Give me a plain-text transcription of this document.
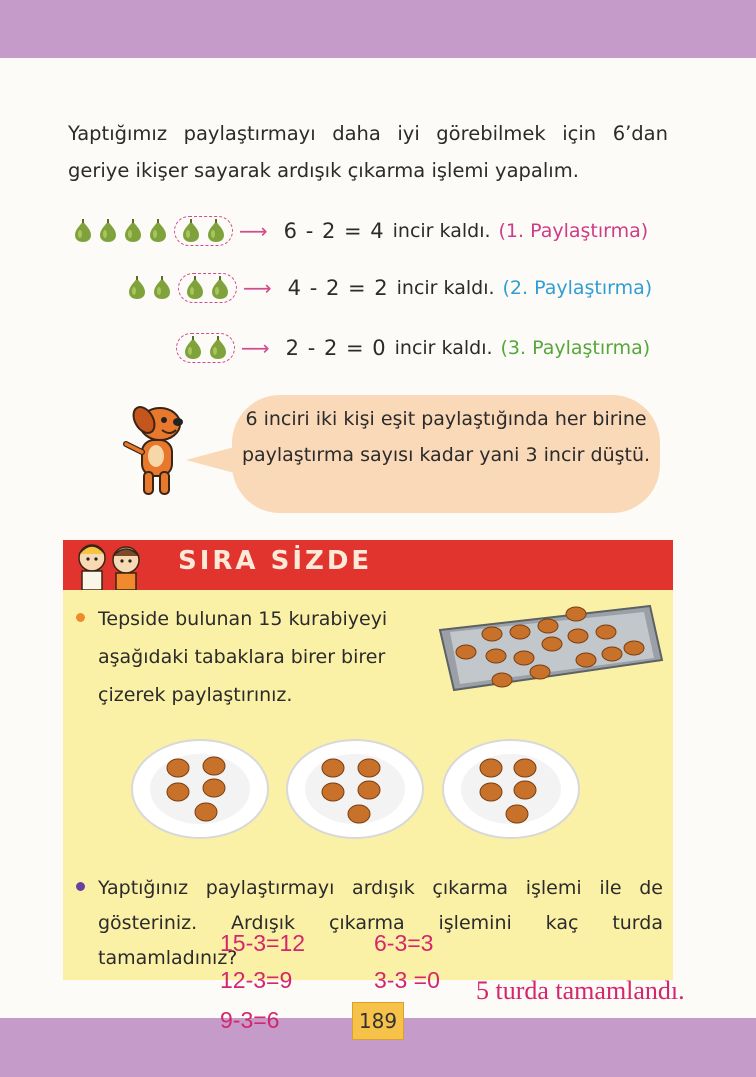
Yaptığımız paylaştırmayı daha iyi görebilmek için 6’dan geriye ikişer sayarak ardışık çıkarma işlemi yapalım.
⟶ 6 - 2 = 4 incir kaldı. (1. Paylaştırma)
⟶ 4 - 2 = 2 incir kaldı. (2. Paylaştırma)
⟶ 2 - 2 = 0 incir kaldı. (3. Paylaştırma)
6 inciri iki kişi eşit paylaştığında her birine paylaştırma sayısı kadar yani 3 incir düştü.
SIRA SİZDE
Tepside bulunan 15 kurabiyeyi aşağıdaki tabaklara birer birer çizerek paylaştırınız.
Yaptığınız paylaştırmayı ardışık çıkarma işlemi ile de gösteriniz. Ardışık çıkarma işlemini kaç turda tamamladınız?
15-3=12
12-3=9
9-3=6
6-3=3
3-3 =0 5 turda tamamlandı.
189
